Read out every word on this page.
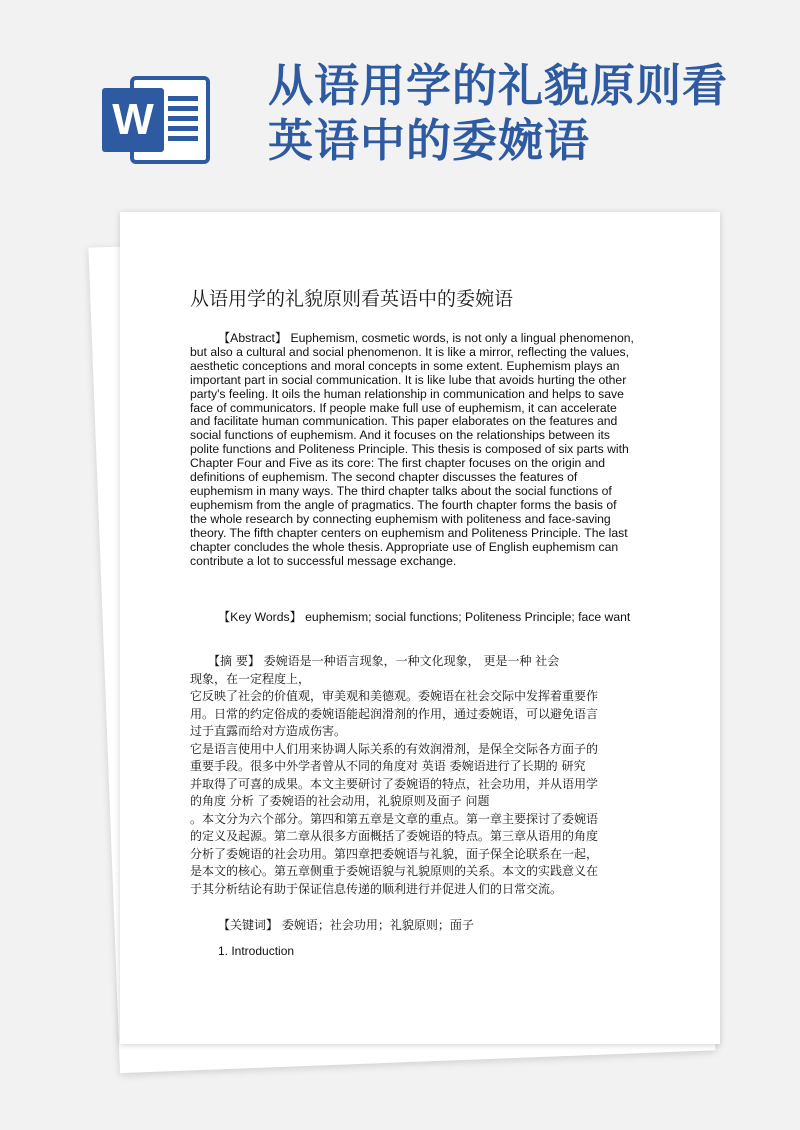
W
从语用学的礼貌原则看英语中的委婉语
从语用学的礼貌原则看英语中的委婉语

【Abstract】 Euphemism, cosmetic words, is not only a lingual phenomenon, but also a cultural and social phenomenon. It is like a mirror, reflecting the values, aesthetic conceptions and moral concepts in some extent. Euphemism plays an important part in social communication. It is like lube that avoids hurting the other party's feeling. It oils the human relationship in communication and helps to save face of communicators. If people make full use of euphemism, it can accelerate and facilitate human communication. This paper elaborates on the features and social functions of euphemism. And it focuses on the relationships between its polite functions and Politeness Principle. This thesis is composed of six parts with Chapter Four and Five as its core: The first chapter focuses on the origin and definitions of euphemism. The second chapter discusses the features of euphemism in many ways. The third chapter talks about the social functions of euphemism from the angle of pragmatics. The fourth chapter forms the basis of the whole research by connecting euphemism with politeness and face-saving theory. The fifth chapter centers on euphemism and Politeness Principle. The last chapter concludes the whole thesis. Appropriate use of English euphemism can contribute a lot to successful message exchange.

【Key Words】 euphemism; social functions; Politeness Principle; face want

　　【摘 要】 委婉语是一种语言现象，一种文化现象， 更是一种 社会
现象，在一定程度上，
它反映了社会的价值观，审美观和美德观。委婉语在社会交际中发挥着重要作
用。日常的约定俗成的委婉语能起润滑剂的作用，通过委婉语，可以避免语言
过于直露而给对方造成伤害。
它是语言使用中人们用来协调人际关系的有效润滑剂，是保全交际各方面子的
重要手段。很多中外学者曾从不同的角度对 英语 委婉语进行了长期的 研究
并取得了可喜的成果。本文主要研讨了委婉语的特点，社会功用，并从语用学
的角度 分析 了委婉语的社会动用，礼貌原则及面子 问题
。本文分为六个部分。第四和第五章是文章的重点。第一章主要探讨了委婉语
的定义及起源。第二章从很多方面概括了委婉语的特点。第三章从语用的角度
分析了委婉语的社会功用。第四章把委婉语与礼貌，面子保全论联系在一起，
是本文的核心。第五章侧重于委婉语貌与礼貌原则的关系。本文的实践意义在
于其分析结论有助于保证信息传递的顺利进行并促进人们的日常交流。

【关键词】 委婉语；社会功用；礼貌原则；面子

1. Introduction
